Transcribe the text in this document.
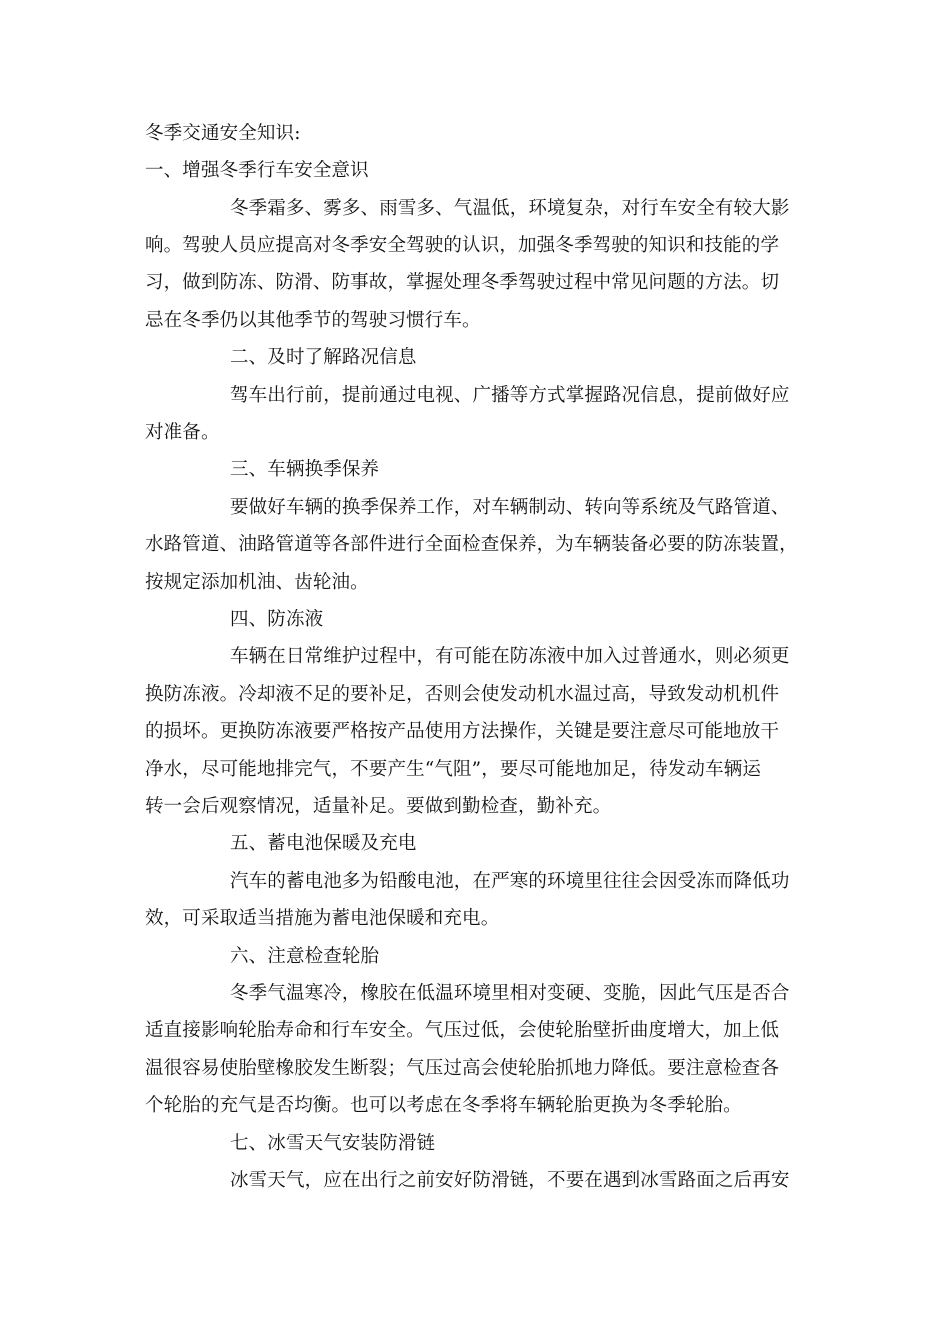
冬季交通安全知识:
一、增强冬季行车安全意识
冬季霜多、雾多、雨雪多、气温低，环境复杂，对行车安全有较大影
响。驾驶人员应提高对冬季安全驾驶的认识，加强冬季驾驶的知识和技能的学
习，做到防冻、防滑、防事故，掌握处理冬季驾驶过程中常见问题的方法。切
忌在冬季仍以其他季节的驾驶习惯行车。
二、及时了解路况信息
驾车出行前，提前通过电视、广播等方式掌握路况信息，提前做好应
对准备。
三、车辆换季保养
要做好车辆的换季保养工作，对车辆制动、转向等系统及气路管道、
水路管道、油路管道等各部件进行全面检查保养，为车辆装备必要的防冻装置，
按规定添加机油、齿轮油。
四、防冻液
车辆在日常维护过程中，有可能在防冻液中加入过普通水，则必须更
换防冻液。冷却液不足的要补足，否则会使发动机水温过高，导致发动机机件
的损坏。更换防冻液要严格按产品使用方法操作，关键是要注意尽可能地放干
净水，尽可能地排完气，不要产生“气阻”，要尽可能地加足，待发动车辆运
转一会后观察情况，适量补足。要做到勤检查，勤补充。
五、蓄电池保暖及充电
汽车的蓄电池多为铅酸电池，在严寒的环境里往往会因受冻而降低功
效，可采取适当措施为蓄电池保暖和充电。
六、注意检查轮胎
冬季气温寒冷，橡胶在低温环境里相对变硬、变脆，因此气压是否合
适直接影响轮胎寿命和行车安全。气压过低，会使轮胎壁折曲度增大，加上低
温很容易使胎壁橡胶发生断裂；气压过高会使轮胎抓地力降低。要注意检查各
个轮胎的充气是否均衡。也可以考虑在冬季将车辆轮胎更换为冬季轮胎。
七、冰雪天气安装防滑链
冰雪天气，应在出行之前安好防滑链，不要在遇到冰雪路面之后再安
